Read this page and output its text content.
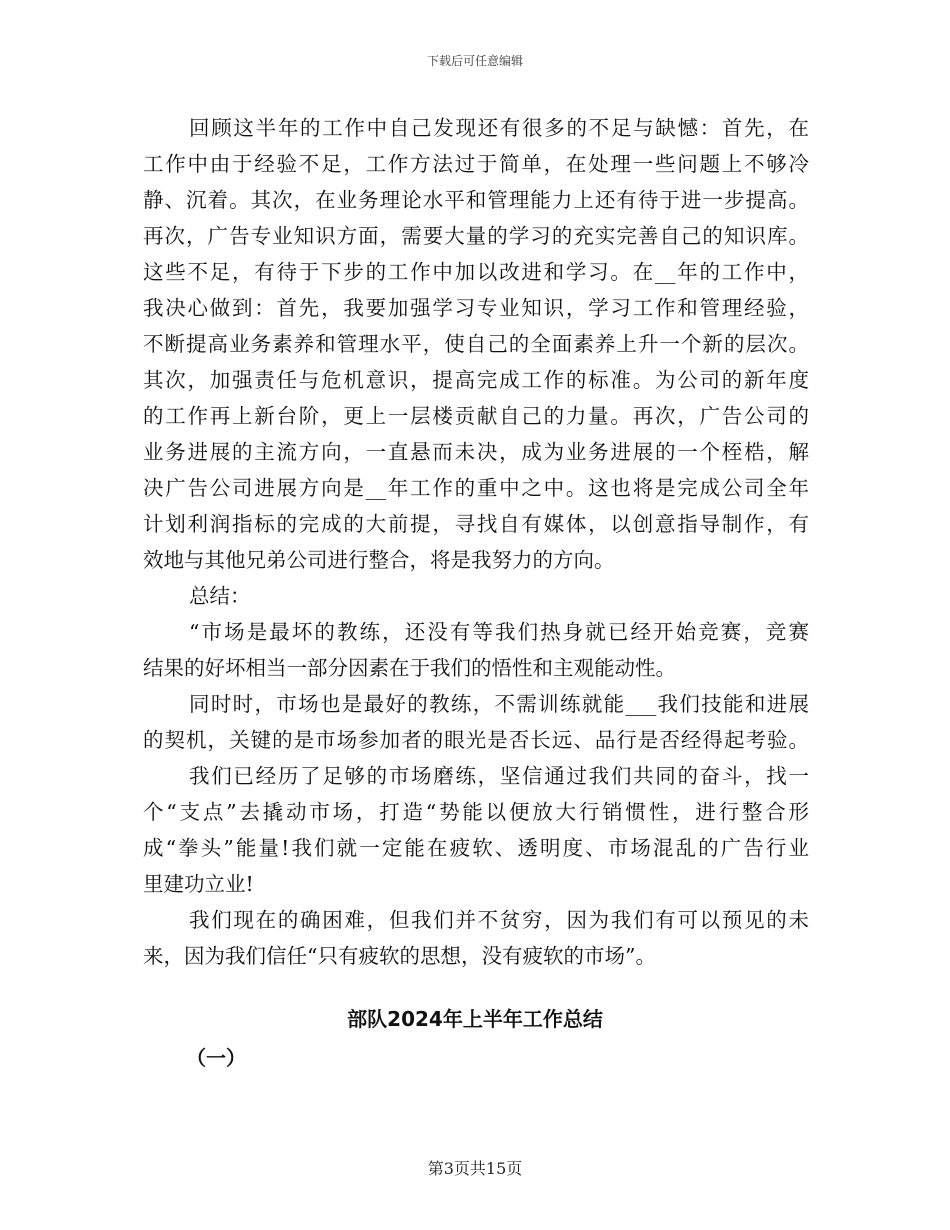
下载后可任意编辑
回顾这半年的工作中自己发现还有很多的不足与缺憾：首先，在
工作中由于经验不足，工作方法过于简单，在处理一些问题上不够冷
静、沉着。其次，在业务理论水平和管理能力上还有待于进一步提高。
再次，广告专业知识方面，需要大量的学习的充实完善自己的知识库。
这些不足，有待于下步的工作中加以改进和学习。在__年的工作中，
我决心做到：首先，我要加强学习专业知识，学习工作和管理经验，
不断提高业务素养和管理水平，使自己的全面素养上升一个新的层次。
其次，加强责任与危机意识，提高完成工作的标准。为公司的新年度
的工作再上新台阶，更上一层楼贡献自己的力量。再次，广告公司的
业务进展的主流方向，一直悬而未决，成为业务进展的一个桎梏，解
决广告公司进展方向是__年工作的重中之中。这也将是完成公司全年
计划利润指标的完成的大前提，寻找自有媒体，以创意指导制作，有
效地与其他兄弟公司进行整合，将是我努力的方向。
总结：
“市场是最坏的教练，还没有等我们热身就已经开始竞赛，竞赛
结果的好坏相当一部分因素在于我们的悟性和主观能动性。
同时时，市场也是最好的教练，不需训练就能___我们技能和进展
的契机，关键的是市场参加者的眼光是否长远、品行是否经得起考验。
我们已经历了足够的市场磨练，坚信通过我们共同的奋斗，找一
个“支点”去撬动市场，打造“势能以便放大行销惯性，进行整合形
成“拳头”能量!我们就一定能在疲软、透明度、市场混乱的广告行业
里建功立业!
我们现在的确困难，但我们并不贫穷，因为我们有可以预见的未
来，因为我们信任“只有疲软的思想，没有疲软的市场”。
部队2024年上半年工作总结
（一）
第3页共15页
